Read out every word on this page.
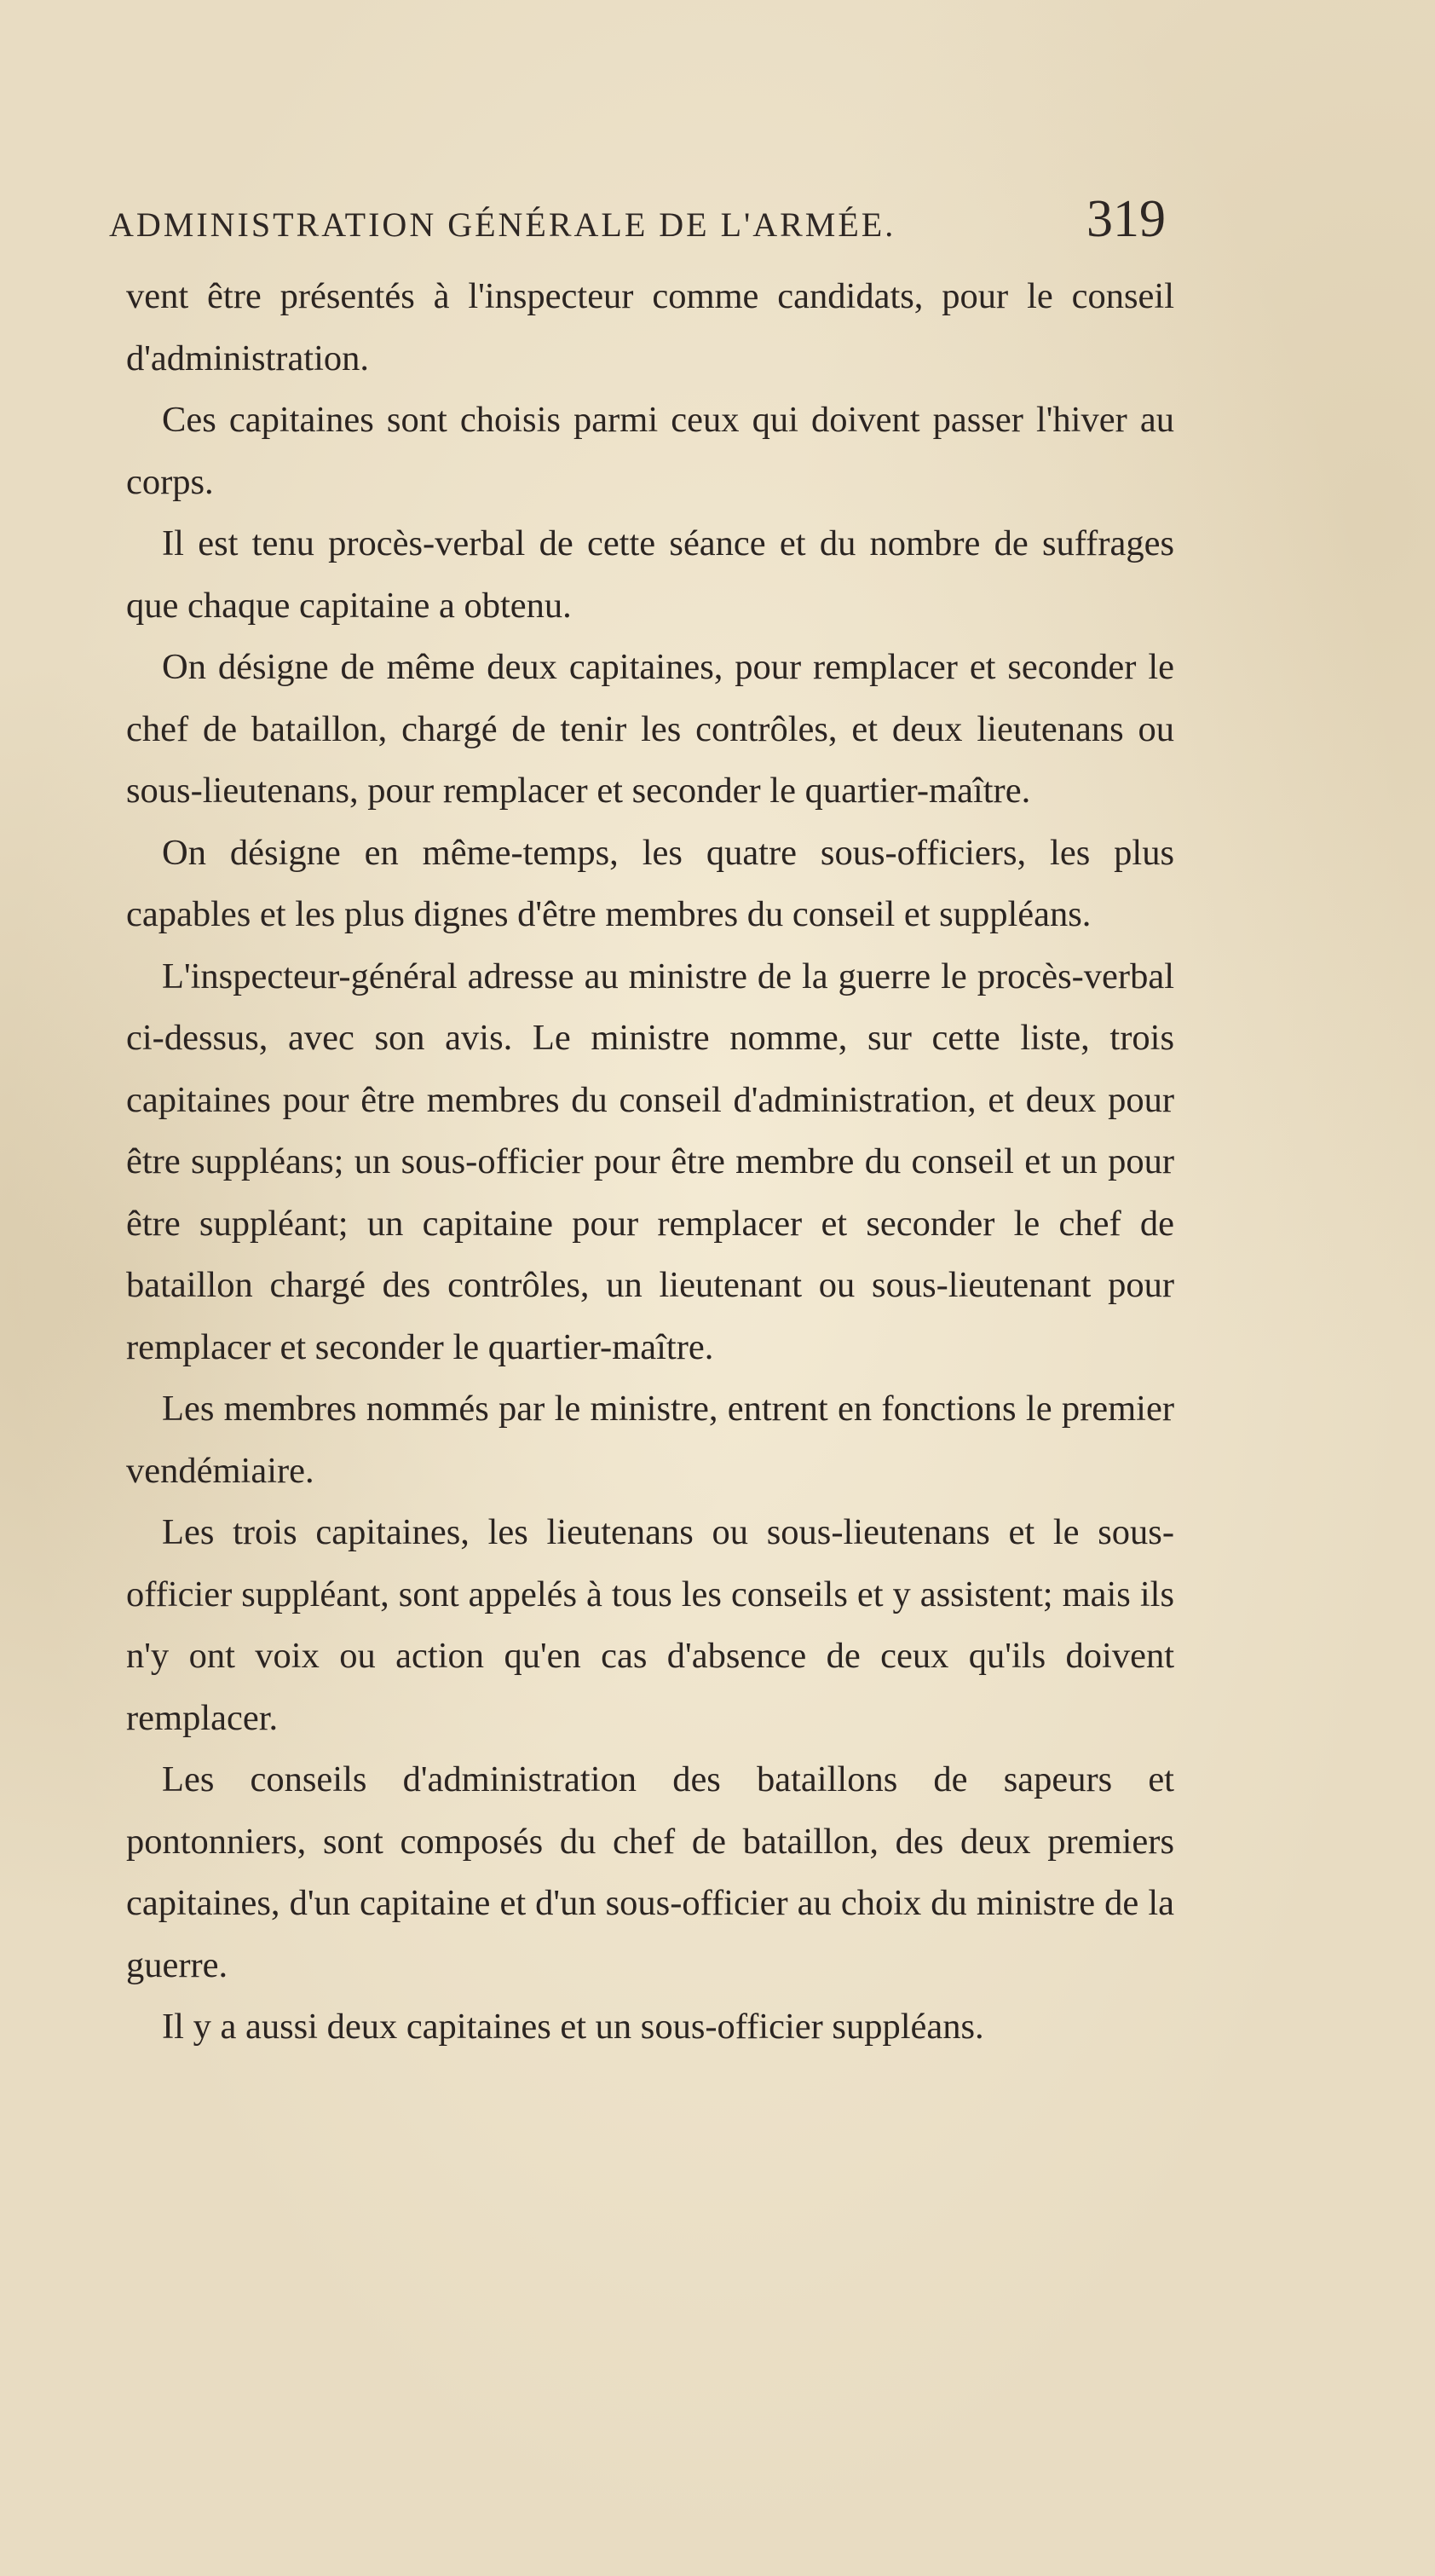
ADMINISTRATION GÉNÉRALE DE L'ARMÉE.	319

vent être présentés à l'inspecteur comme candidats, pour le conseil d'administration.

Ces capitaines sont choisis parmi ceux qui doivent passer l'hiver au corps.

Il est tenu procès-verbal de cette séance et du nombre de suffrages que chaque capitaine a obtenu.

On désigne de même deux capitaines, pour remplacer et seconder le chef de bataillon, chargé de tenir les contrôles, et deux lieutenans ou sous-lieutenans, pour remplacer et seconder le quartier-maître.

On désigne en même-temps, les quatre sous-officiers, les plus capables et les plus dignes d'être membres du conseil et suppléans.

L'inspecteur-général adresse au ministre de la guerre le procès-verbal ci-dessus, avec son avis. Le ministre nomme, sur cette liste, trois capitaines pour être membres du conseil d'administration, et deux pour être suppléans; un sous-officier pour être membre du conseil et un pour être suppléant; un capitaine pour remplacer et seconder le chef de bataillon chargé des contrôles, un lieutenant ou sous-lieutenant pour remplacer et seconder le quartier-maître.

Les membres nommés par le ministre, entrent en fonctions le premier vendémiaire.

Les trois capitaines, les lieutenans ou sous-lieutenans et le sous-officier suppléant, sont appelés à tous les conseils et y assistent; mais ils n'y ont voix ou action qu'en cas d'absence de ceux qu'ils doivent remplacer.

Les conseils d'administration des bataillons de sapeurs et pontonniers, sont composés du chef de bataillon, des deux premiers capitaines, d'un capitaine et d'un sous-officier au choix du ministre de la guerre.

Il y a aussi deux capitaines et un sous-officier suppléans.
